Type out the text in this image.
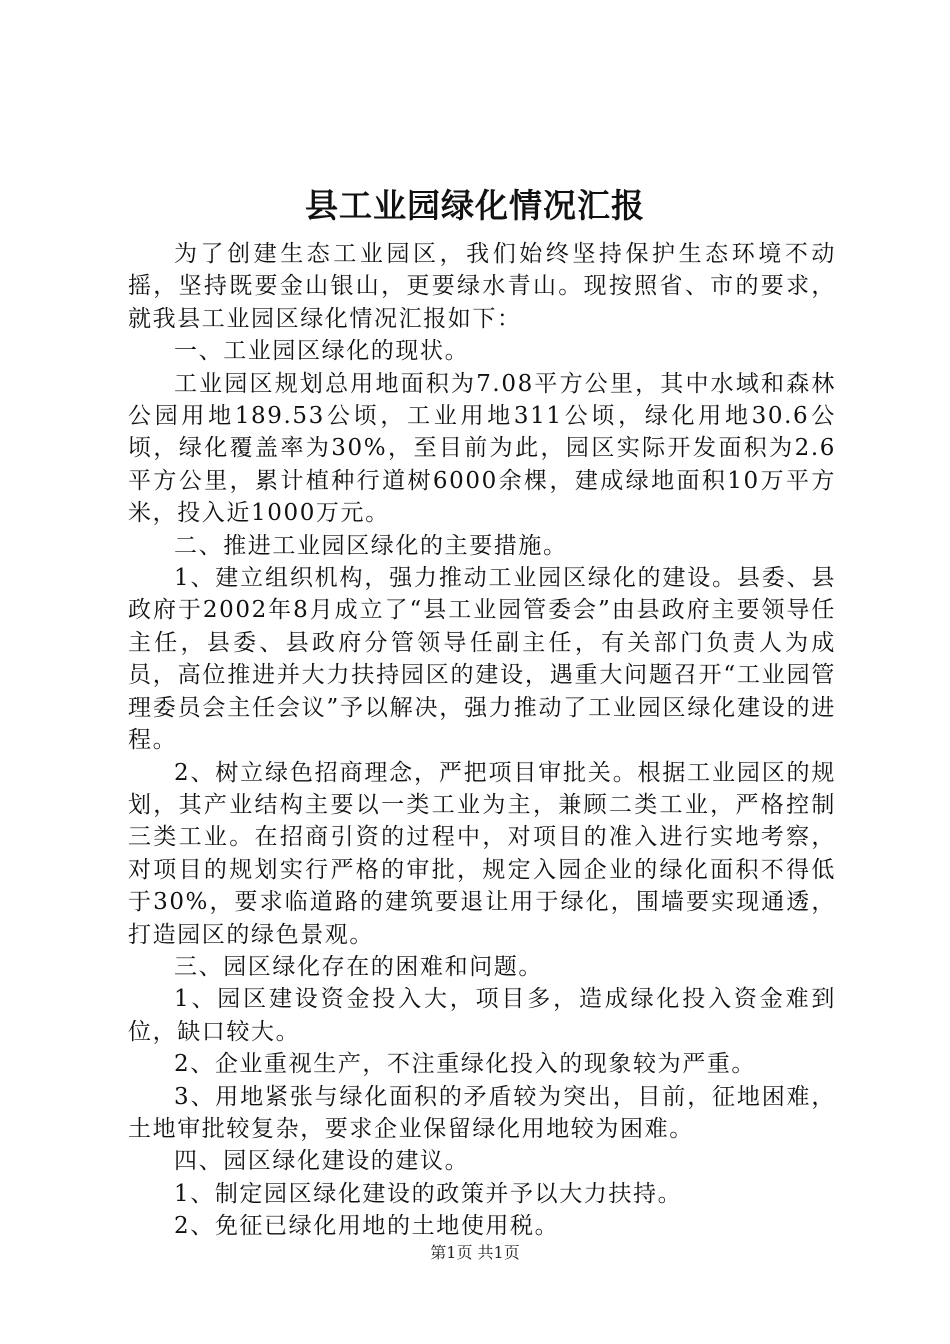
县工业园绿化情况汇报

为了创建生态工业园区，我们始终坚持保护生态环境不动摇，坚持既要金山银山，更要绿水青山。现按照省、市的要求，就我县工业园区绿化情况汇报如下：

一、工业园区绿化的现状。

工业园区规划总用地面积为7.08平方公里，其中水域和森林公园用地189.53公顷，工业用地311公顷，绿化用地30.6公顷，绿化覆盖率为30%，至目前为此，园区实际开发面积为2.6平方公里，累计植种行道树6000余棵，建成绿地面积10万平方米，投入近1000万元。

二、推进工业园区绿化的主要措施。

1、建立组织机构，强力推动工业园区绿化的建设。县委、县政府于2002年8月成立了“县工业园管委会”由县政府主要领导任主任，县委、县政府分管领导任副主任，有关部门负责人为成员，高位推进并大力扶持园区的建设，遇重大问题召开“工业园管理委员会主任会议”予以解决，强力推动了工业园区绿化建设的进程。

2、树立绿色招商理念，严把项目审批关。根据工业园区的规划，其产业结构主要以一类工业为主，兼顾二类工业，严格控制三类工业。在招商引资的过程中，对项目的准入进行实地考察，对项目的规划实行严格的审批，规定入园企业的绿化面积不得低于30%，要求临道路的建筑要退让用于绿化，围墙要实现通透，打造园区的绿色景观。

三、园区绿化存在的困难和问题。

1、园区建设资金投入大，项目多，造成绿化投入资金难到位，缺口较大。

2、企业重视生产，不注重绿化投入的现象较为严重。

3、用地紧张与绿化面积的矛盾较为突出，目前，征地困难，土地审批较复杂，要求企业保留绿化用地较为困难。

四、园区绿化建设的建议。

1、制定园区绿化建设的政策并予以大力扶持。

2、免征已绿化用地的土地使用税。

第1页 共1页
